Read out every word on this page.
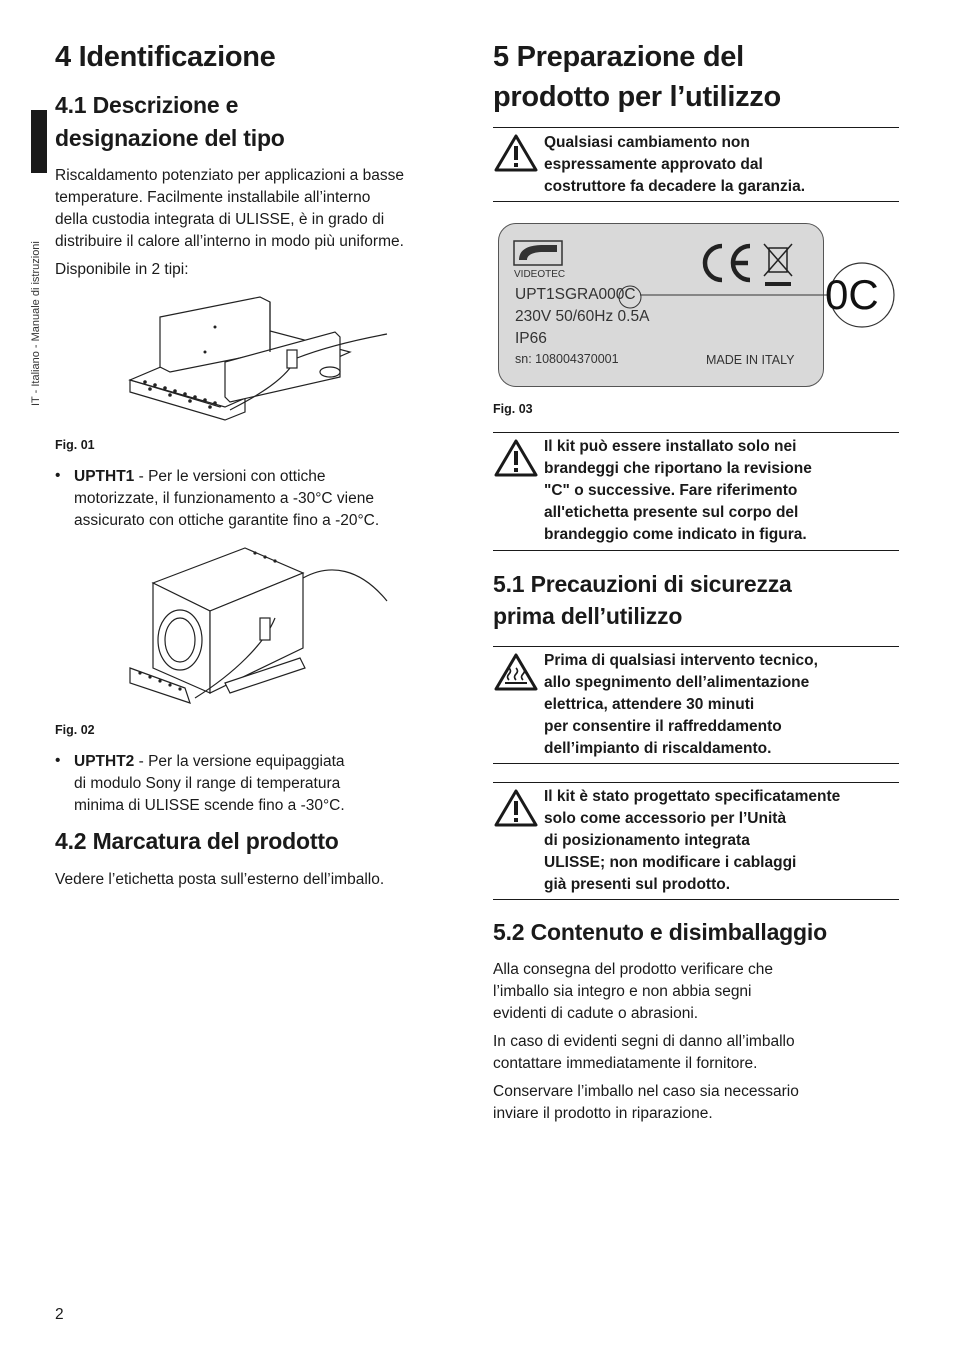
IT - Italiano - Manuale di istruzioni
4 Identificazione
4.1 Descrizione e
designazione del tipo
Riscaldamento potenziato per applicazioni a basse
temperature. Facilmente installabile all’interno
della custodia integrata di ULISSE, è in grado di
distribuire il calore all’interno in modo più uniforme.
Disponibile in 2 tipi:
Fig. 01
• UPTHT1 - Per le versioni con ottiche
motorizzate, il funzionamento a -30°C viene
assicurato con ottiche garantite fino a -20°C.
Fig. 02
• UPTHT2 - Per la versione equipaggiata
di modulo Sony il range di temperatura
minima di ULISSE scende fino a -30°C.
4.2 Marcatura del prodotto
Vedere l’etichetta posta sull’esterno dell’imballo.
5 Preparazione del
prodotto per l’utilizzo
Qualsiasi cambiamento non
espressamente approvato dal
costruttore fa decadere la garanzia.
VIDEOTEC
UPT1SGRA000C
230V 50/60Hz 0.5A
IP66
sn: 108004370001	MADE IN ITALY
0C
Fig. 03
Il kit può essere installato solo nei
brandeggi che riportano la revisione
"C" o successive. Fare riferimento
all'etichetta presente sul corpo del
brandeggio come indicato in figura.
5.1 Precauzioni di sicurezza
prima dell’utilizzo
Prima di qualsiasi intervento tecnico,
allo spegnimento dell’alimentazione
elettrica, attendere 30 minuti
per consentire il raffreddamento
dell’impianto di riscaldamento.
Il kit è stato progettato specificatamente
solo come accessorio per l’Unità
di posizionamento integrata
ULISSE; non modificare i cablaggi
già presenti sul prodotto.
5.2 Contenuto e disimballaggio
Alla consegna del prodotto verificare che
l’imballo sia integro e non abbia segni
evidenti di cadute o abrasioni.
In caso di evidenti segni di danno all’imballo
contattare immediatamente il fornitore.
Conservare l’imballo nel caso sia necessario
inviare il prodotto in riparazione.
2
